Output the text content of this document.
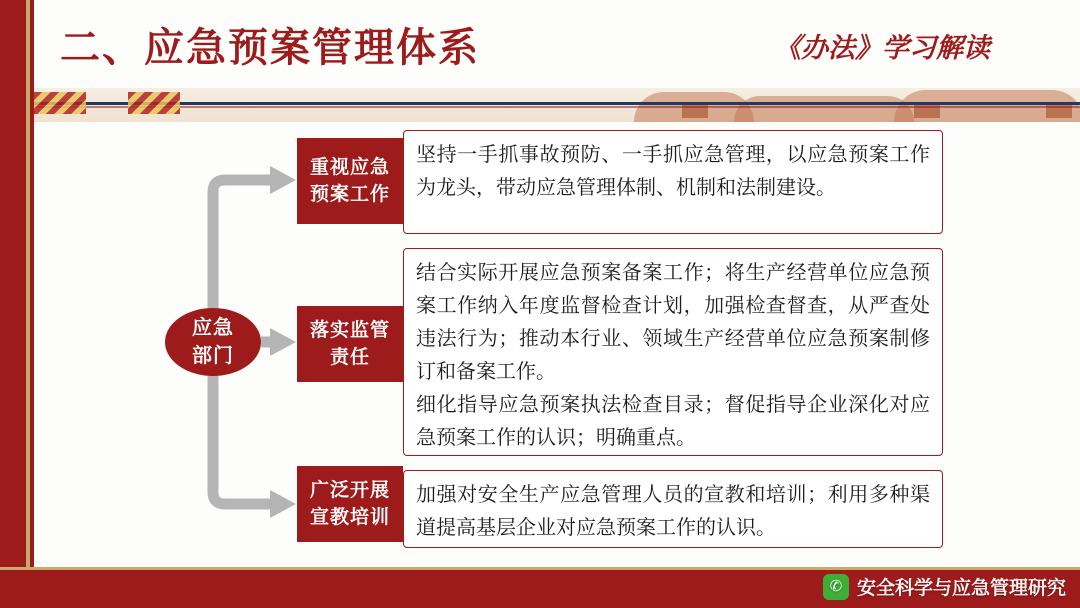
二、应急预案管理体系	《办法》学习解读
应急
部门
重视应急
预案工作

坚持一手抓事故预防、一手抓应急管理，以应急预案工作为龙头，带动应急管理体制、机制和法制建设。

落实监管
责任

结合实际开展应急预案备案工作；将生产经营单位应急预案工作纳入年度监督检查计划，加强检查督查，从严查处违法行为；推动本行业、领域生产经营单位应急预案制修订和备案工作。

细化指导应急预案执法检查目录；督促指导企业深化对应急预案工作的认识；明确重点。

广泛开展
宣教培训

加强对安全生产应急管理人员的宣教和培训；利用多种渠道提高基层企业对应急预案工作的认识。

✆ 安全科学与应急管理研究
